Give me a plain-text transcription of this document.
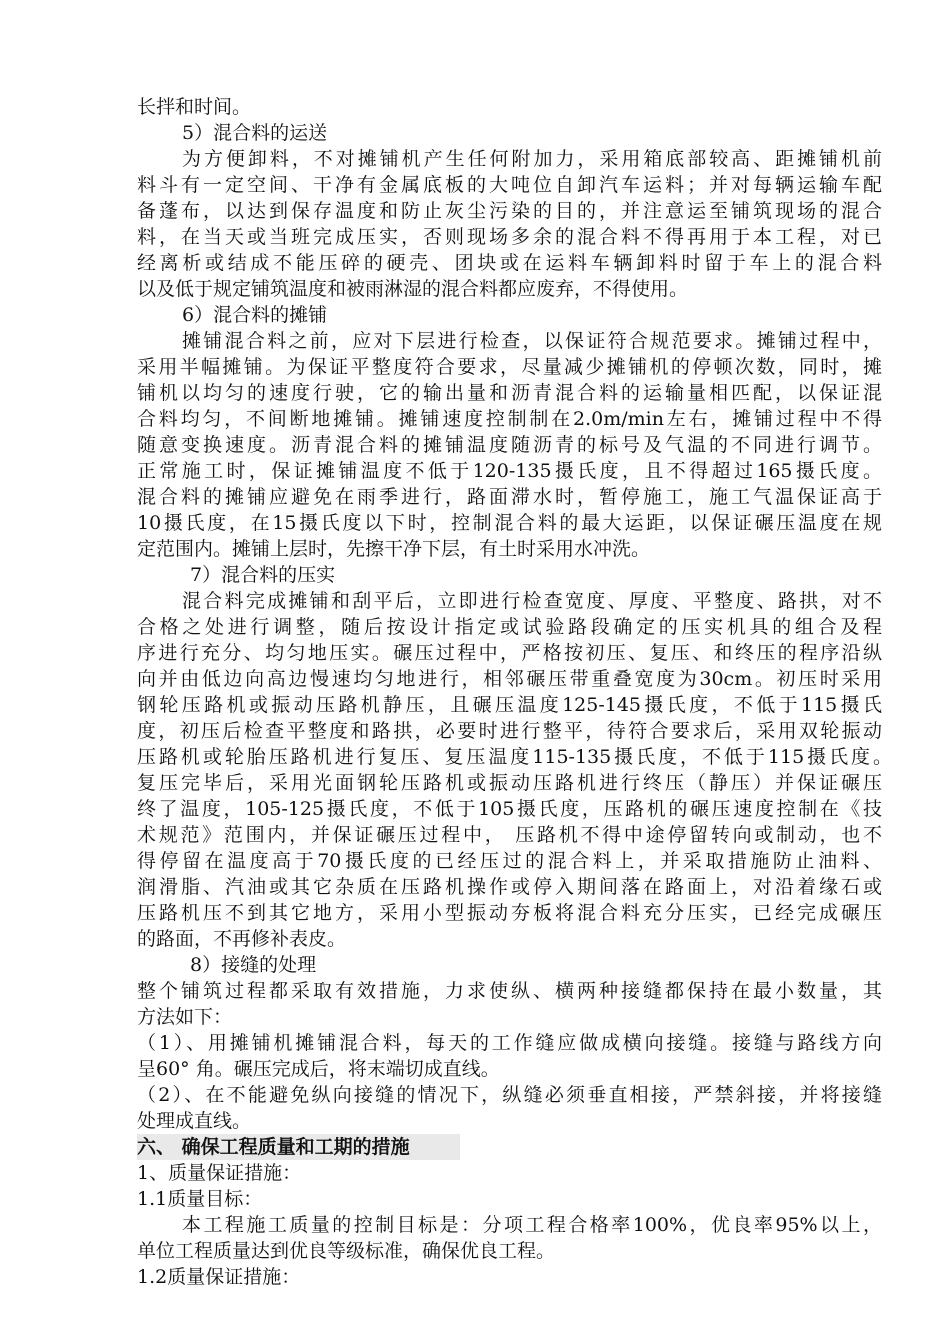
长拌和时间。
5）混合料的运送
为方便卸料，不对摊铺机产生任何附加力，采用箱底部较高、距摊铺机前
料斗有一定空间、干净有金属底板的大吨位自卸汽车运料；并对每辆运输车配
备蓬布，以达到保存温度和防止灰尘污染的目的，并注意运至铺筑现场的混合
料，在当天或当班完成压实，否则现场多余的混合料不得再用于本工程，对已
经离析或结成不能压碎的硬壳、团块或在运料车辆卸料时留于车上的混合料
以及低于规定铺筑温度和被雨淋湿的混合料都应废弃，不得使用。
6）混合料的摊铺
摊铺混合料之前，应对下层进行检查，以保证符合规范要求。摊铺过程中，
采用半幅摊铺。为保证平整度符合要求，尽量减少摊铺机的停顿次数，同时，摊
铺机以均匀的速度行驶，它的输出量和沥青混合料的运输量相匹配，以保证混
合料均匀，不间断地摊铺。摊铺速度控制制在2.0m/min左右，摊铺过程中不得
随意变换速度。沥青混合料的摊铺温度随沥青的标号及气温的不同进行调节。
正常施工时，保证摊铺温度不低于120-135摄氏度，且不得超过165摄氏度。
混合料的摊铺应避免在雨季进行，路面滞水时，暂停施工，施工气温保证高于
10摄氏度，在15摄氏度以下时，控制混合料的最大运距，以保证碾压温度在规
定范围内。摊铺上层时，先擦干净下层，有土时采用水冲洗。
7）混合料的压实
混合料完成摊铺和刮平后，立即进行检查宽度、厚度、平整度、路拱，对不
合格之处进行调整，随后按设计指定或试验路段确定的压实机具的组合及程
序进行充分、均匀地压实。碾压过程中，严格按初压、复压、和终压的程序沿纵
向并由低边向高边慢速均匀地进行，相邻碾压带重叠宽度为30cm。初压时采用
钢轮压路机或振动压路机静压，且碾压温度125-145摄氏度，不低于115摄氏
度，初压后检查平整度和路拱，必要时进行整平，待符合要求后，采用双轮振动
压路机或轮胎压路机进行复压、复压温度115-135摄氏度，不低于115摄氏度。
复压完毕后，采用光面钢轮压路机或振动压路机进行终压（静压）并保证碾压
终了温度，105-125摄氏度，不低于105摄氏度，压路机的碾压速度控制在《技
术规范》范围内，并保证碾压过程中， 压路机不得中途停留转向或制动，也不
得停留在温度高于70摄氏度的已经压过的混合料上，并采取措施防止油料、
润滑脂、汽油或其它杂质在压路机操作或停入期间落在路面上，对沿着缘石或
压路机压不到其它地方，采用小型振动夯板将混合料充分压实，已经完成碾压
的路面，不再修补表皮。
8）接缝的处理
整个铺筑过程都采取有效措施，力求使纵、横两种接缝都保持在最小数量，其
方法如下：
（1）、用摊铺机摊铺混合料，每天的工作缝应做成横向接缝。接缝与路线方向
呈60° 角。碾压完成后，将末端切成直线。
（2）、在不能避免纵向接缝的情况下，纵缝必须垂直相接，严禁斜接，并将接缝
处理成直线。
六、 确保工程质量和工期的措施
1、质量保证措施：
1.1质量目标：
本工程施工质量的控制目标是：分项工程合格率100%，优良率95%以上，
单位工程质量达到优良等级标准，确保优良工程。
1.2质量保证措施：
